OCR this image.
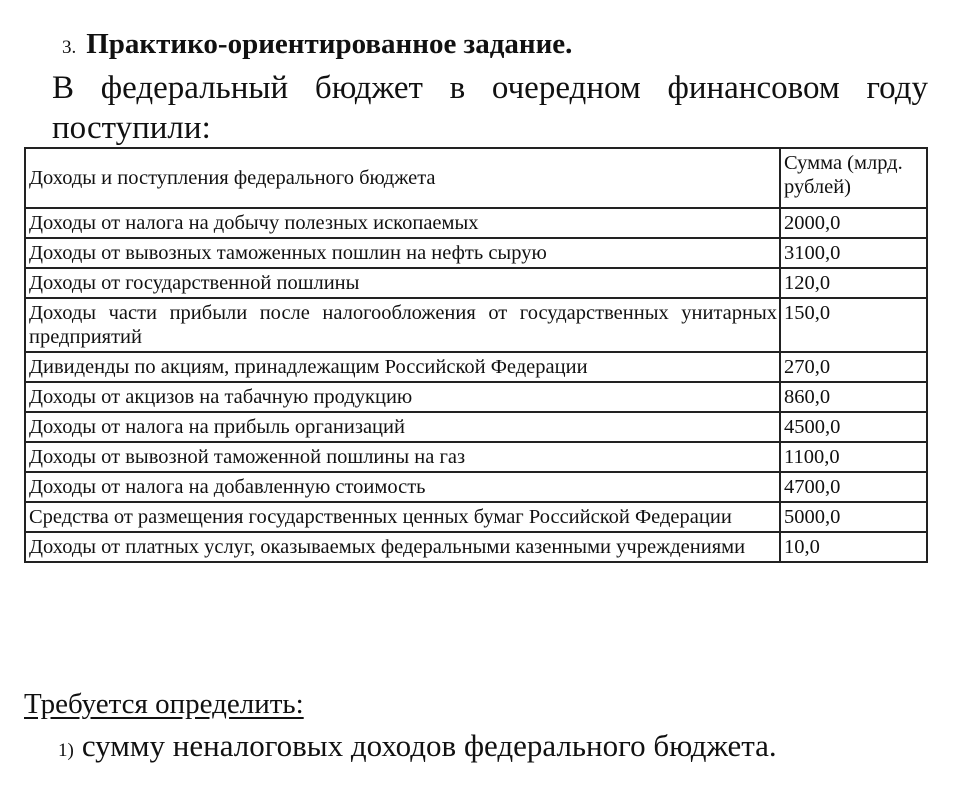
3. Практико-ориентированное задание.
В федеральный бюджет в очередном финансовом году
поступили:
Доходы и поступления федерального бюджета	Сумма (млрд. рублей)
Доходы от налога на добычу полезных ископаемых	2000,0
Доходы от вывозных таможенных пошлин на нефть сырую	3100,0
Доходы от государственной пошлины	120,0
Доходы части прибыли после налогообложения от государственных унитарных предприятий	150,0
Дивиденды по акциям, принадлежащим Российской Федерации	270,0
Доходы от акцизов на табачную продукцию	860,0
Доходы от налога на прибыль организаций	4500,0
Доходы от вывозной таможенной пошлины на газ	1100,0
Доходы от налога на добавленную стоимость	4700,0
Средства от размещения государственных ценных бумаг Российской Федерации	5000,0
Доходы от платных услуг, оказываемых федеральными казенными учреждениями	10,0
Требуется определить:
1) сумму неналоговых доходов федерального бюджета.
